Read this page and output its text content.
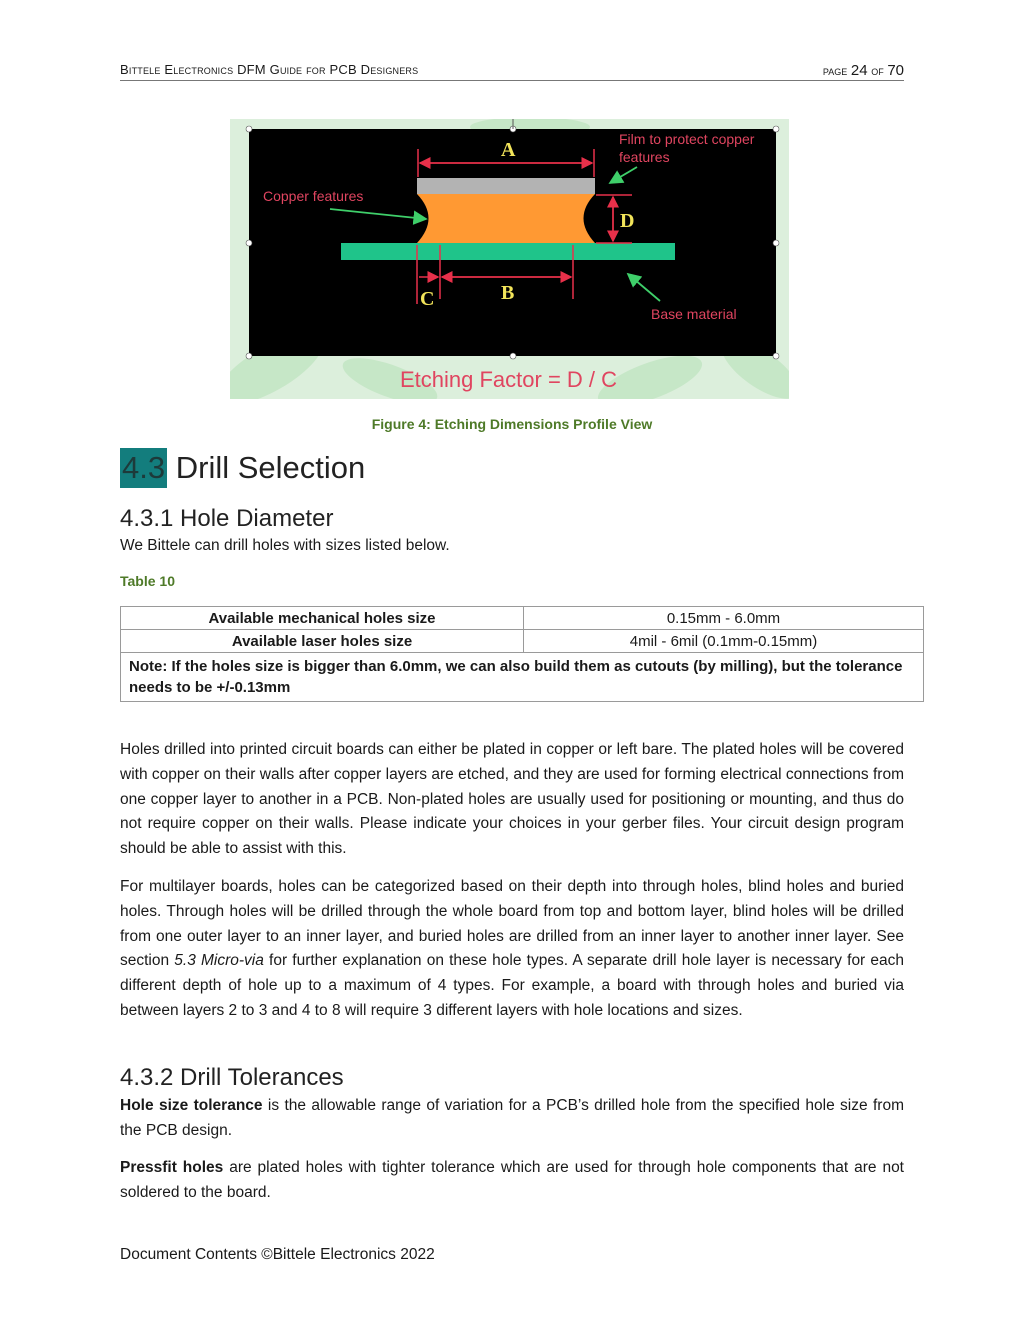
Bittele Electronics DFM Guide for PCB Designers	page 24 of 70
A
B
C
D
Film to protect copper
features
Copper features
Base material
Etching Factor = D / C
Figure 4: Etching Dimensions Profile View
4.3 Drill Selection
4.3.1 Hole Diameter
We Bittele can drill holes with sizes listed below.
Table 10
Available mechanical holes size	0.15mm - 6.0mm
Available laser holes size	4mil - 6mil (0.1mm-0.15mm)
Note: If the holes size is bigger than 6.0mm, we can also build them as cutouts (by milling), but the tolerance needs to be +/-0.13mm	
Holes drilled into printed circuit boards can either be plated in copper or left bare. The plated holes will be covered with copper on their walls after copper layers are etched, and they are used for forming electrical connections from one copper layer to another in a PCB. Non-plated holes are usually used for positioning or mounting, and thus do not require copper on their walls. Please indicate your choices in your gerber files. Your circuit design program should be able to assist with this.
For multilayer boards, holes can be categorized based on their depth into through holes, blind holes and buried holes. Through holes will be drilled through the whole board from top and bottom layer, blind holes will be drilled from one outer layer to an inner layer, and buried holes are drilled from an inner layer to another inner layer. See section 5.3 Micro-via for further explanation on these hole types. A separate drill hole layer is necessary for each different depth of hole up to a maximum of 4 types. For example, a board with through holes and buried via between layers 2 to 3 and 4 to 8 will require 3 different layers with hole locations and sizes.
4.3.2 Drill Tolerances
Hole size tolerance is the allowable range of variation for a PCB’s drilled hole from the specified hole size from the PCB design.
Pressfit holes are plated holes with tighter tolerance which are used for through hole components that are not soldered to the board.
Document Contents ©Bittele Electronics 2022
